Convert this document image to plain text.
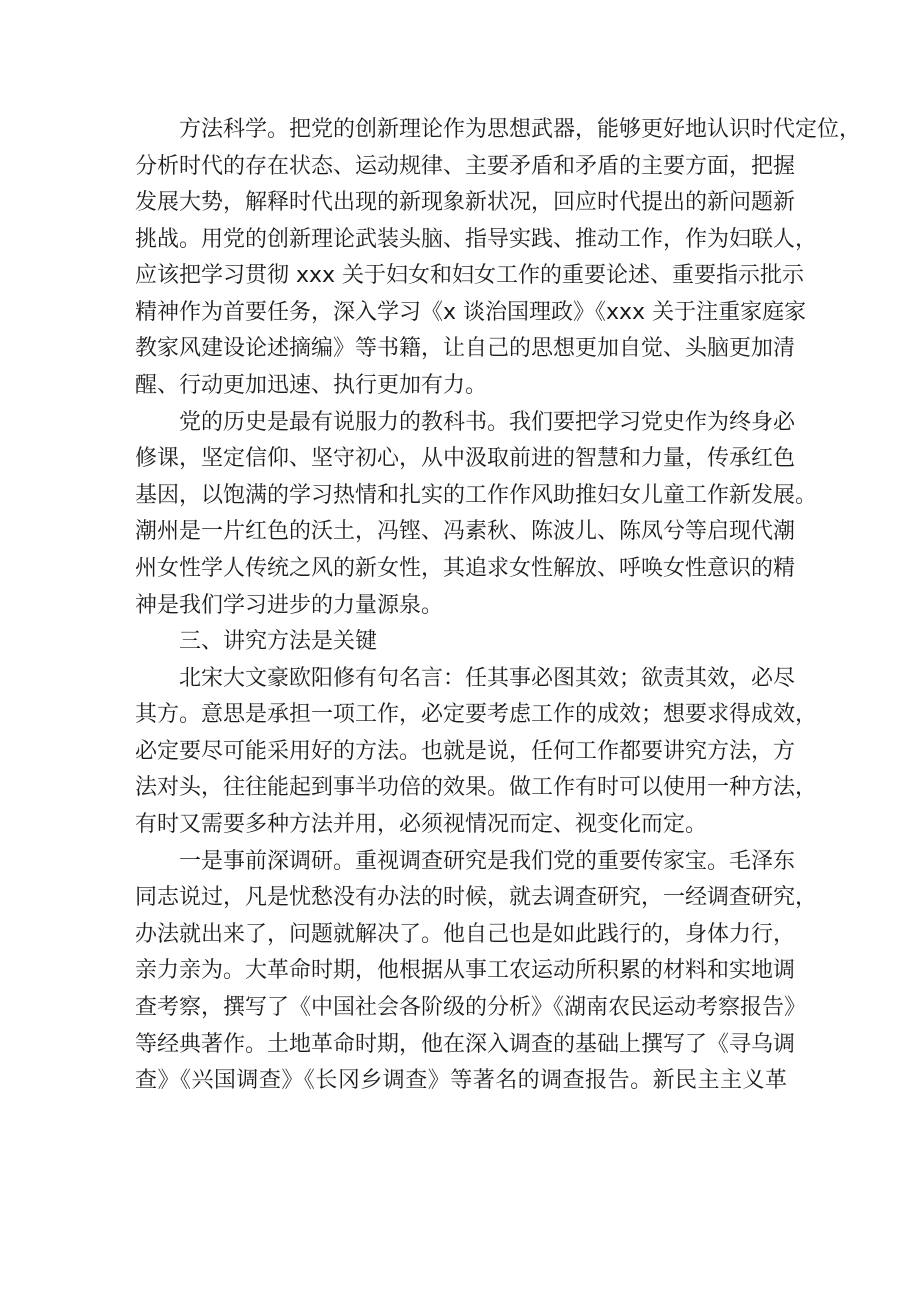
方法科学。把党的创新理论作为思想武器，能够更好地认识时代定位，
分析时代的存在状态、运动规律、主要矛盾和矛盾的主要方面，把握
发展大势，解释时代出现的新现象新状况，回应时代提出的新问题新
挑战。用党的创新理论武装头脑、指导实践、推动工作，作为妇联人，
应该把学习贯彻 xxx 关于妇女和妇女工作的重要论述、重要指示批示
精神作为首要任务，深入学习《x 谈治国理政》《xxx 关于注重家庭家
教家风建设论述摘编》等书籍，让自己的思想更加自觉、头脑更加清
醒、行动更加迅速、执行更加有力。
党的历史是最有说服力的教科书。我们要把学习党史作为终身必
修课，坚定信仰、坚守初心，从中汲取前进的智慧和力量，传承红色
基因，以饱满的学习热情和扎实的工作作风助推妇女儿童工作新发展。
潮州是一片红色的沃土，冯铿、冯素秋、陈波儿、陈凤兮等启现代潮
州女性学人传统之风的新女性，其追求女性解放、呼唤女性意识的精
神是我们学习进步的力量源泉。
三、讲究方法是关键
北宋大文豪欧阳修有句名言：任其事必图其效；欲责其效，必尽
其方。意思是承担一项工作，必定要考虑工作的成效；想要求得成效，
必定要尽可能采用好的方法。也就是说，任何工作都要讲究方法，方
法对头，往往能起到事半功倍的效果。做工作有时可以使用一种方法，
有时又需要多种方法并用，必须视情况而定、视变化而定。
一是事前深调研。重视调查研究是我们党的重要传家宝。毛泽东
同志说过，凡是忧愁没有办法的时候，就去调查研究，一经调查研究，
办法就出来了，问题就解决了。他自己也是如此践行的，身体力行，
亲力亲为。大革命时期，他根据从事工农运动所积累的材料和实地调
查考察，撰写了《中国社会各阶级的分析》《湖南农民运动考察报告》
等经典著作。土地革命时期，他在深入调查的基础上撰写了《寻乌调
查》《兴国调查》《长冈乡调查》等著名的调查报告。新民主主义革
